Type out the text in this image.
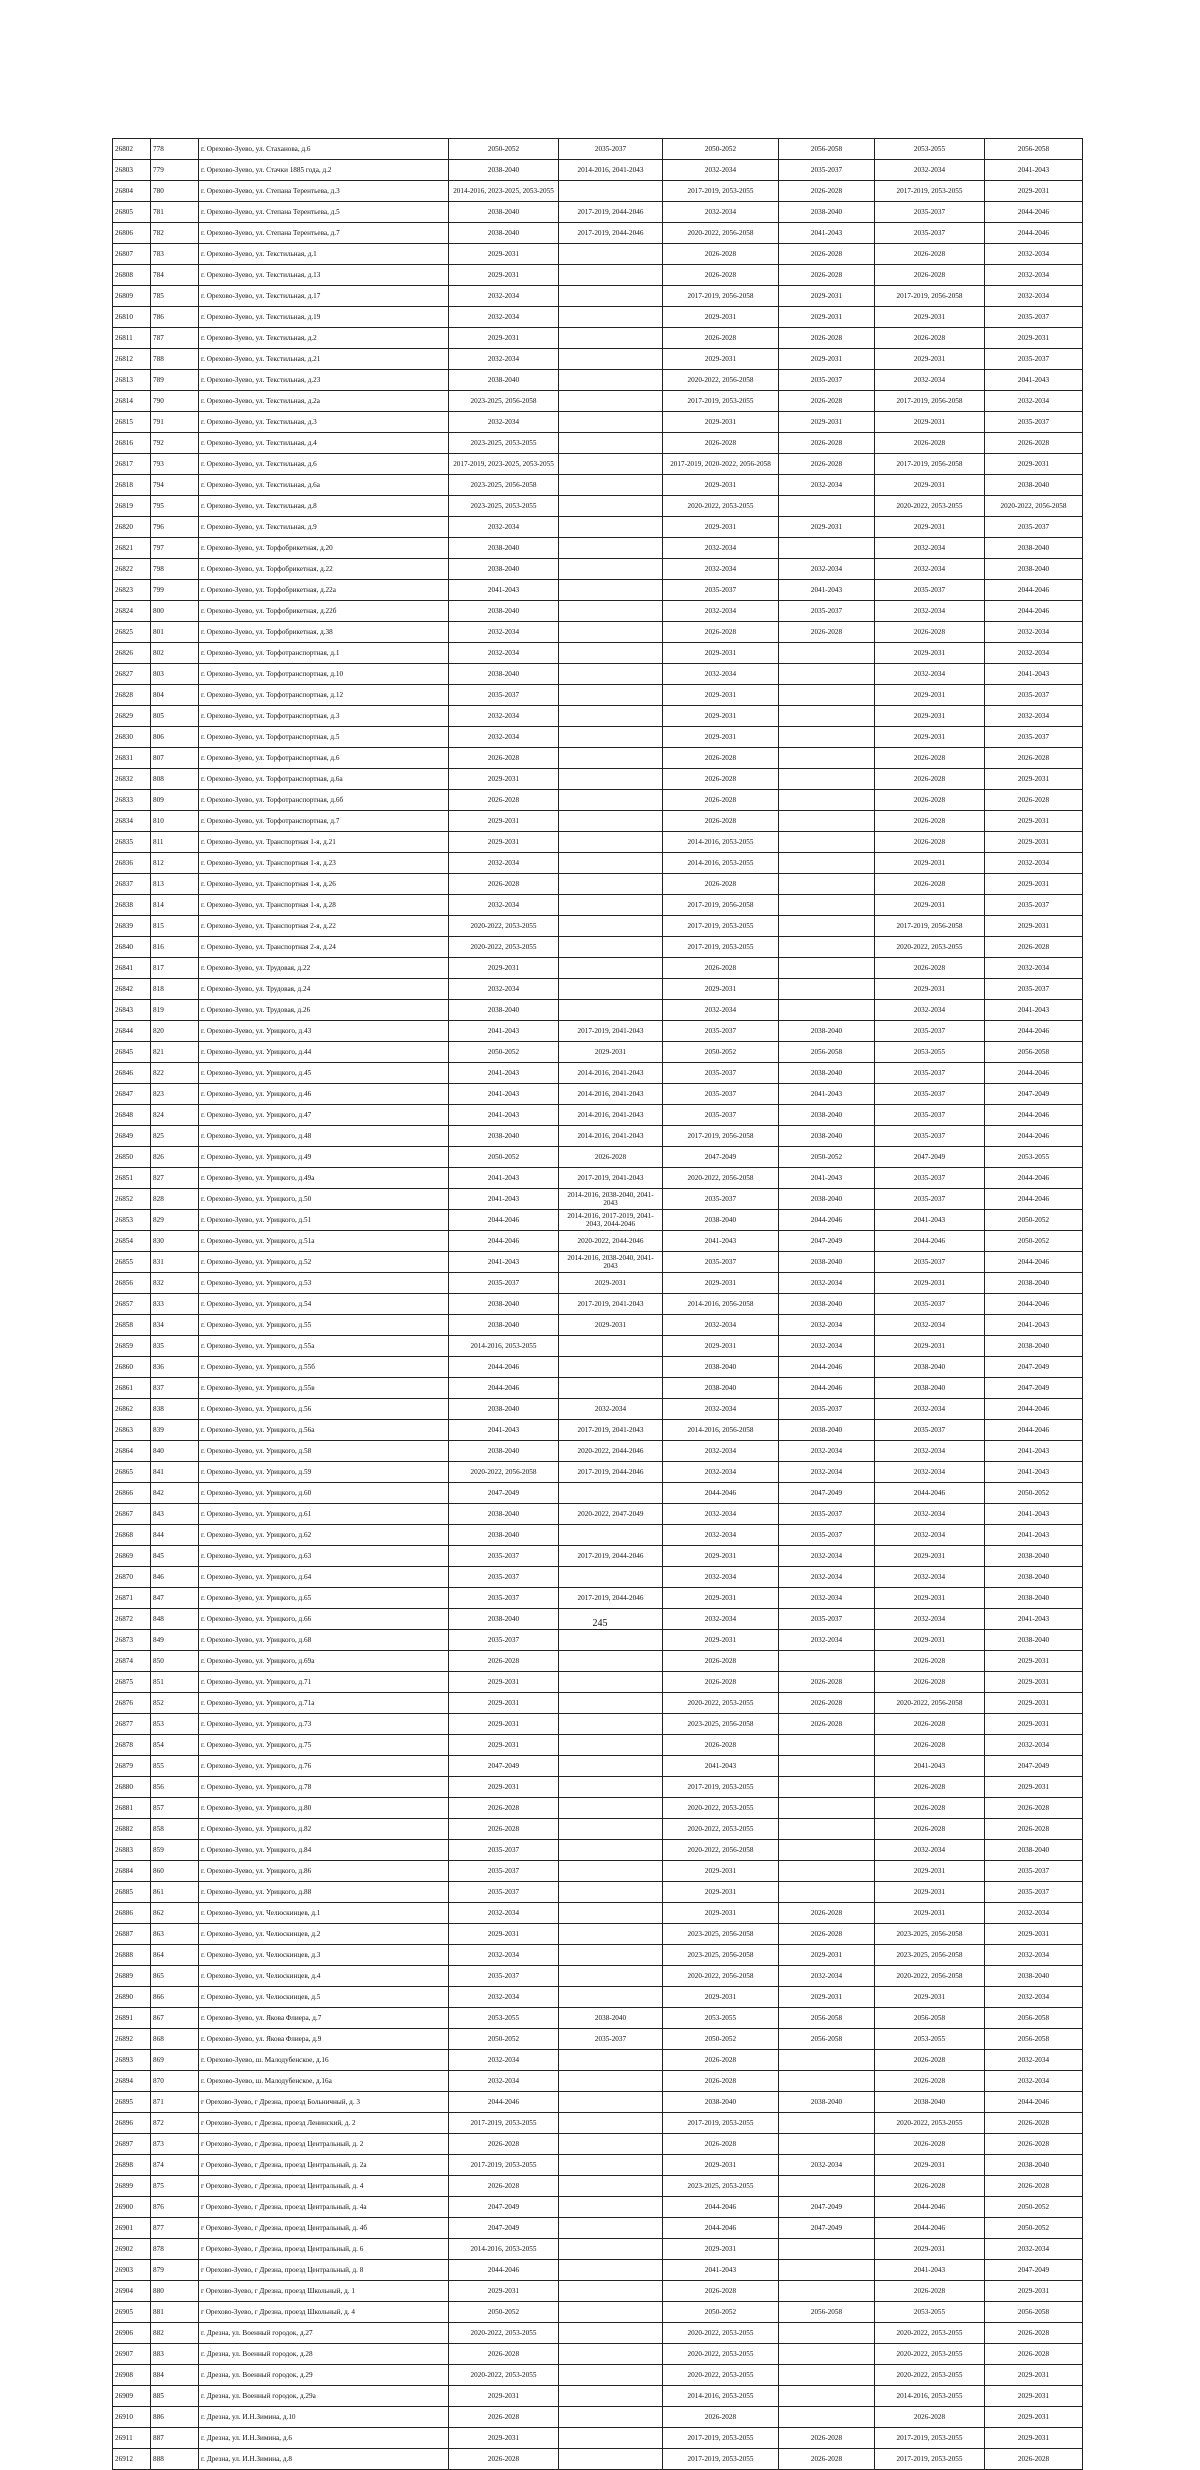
26802	778	г. Орехово-Зуево, ул. Стаханова, д.6	2050-2052	2035-2037	2050-2052	2056-2058	2053-2055	2056-2058
26803	779	г. Орехово-Зуево, ул. Стачки 1885 года, д.2	2038-2040	2014-2016, 2041-2043	2032-2034	2035-2037	2032-2034	2041-2043
26804	780	г. Орехово-Зуево, ул. Степана Терентьева, д.3	2014-2016, 2023-2025, 2053-2055		2017-2019, 2053-2055	2026-2028	2017-2019, 2053-2055	2029-2031
26805	781	г. Орехово-Зуево, ул. Степана Терентьева, д.5	2038-2040	2017-2019, 2044-2046	2032-2034	2038-2040	2035-2037	2044-2046
26806	782	г. Орехово-Зуево, ул. Степана Терентьева, д.7	2038-2040	2017-2019, 2044-2046	2020-2022, 2056-2058	2041-2043	2035-2037	2044-2046
26807	783	г. Орехово-Зуево, ул. Текстильная, д.1	2029-2031		2026-2028	2026-2028	2026-2028	2032-2034
26808	784	г. Орехово-Зуево, ул. Текстильная, д.13	2029-2031		2026-2028	2026-2028	2026-2028	2032-2034
26809	785	г. Орехово-Зуево, ул. Текстильная, д.17	2032-2034		2017-2019, 2056-2058	2029-2031	2017-2019, 2056-2058	2032-2034
26810	786	г. Орехово-Зуево, ул. Текстильная, д.19	2032-2034		2029-2031	2029-2031	2029-2031	2035-2037
26811	787	г. Орехово-Зуево, ул. Текстильная, д.2	2029-2031		2026-2028	2026-2028	2026-2028	2029-2031
26812	788	г. Орехово-Зуево, ул. Текстильная, д.21	2032-2034		2029-2031	2029-2031	2029-2031	2035-2037
26813	789	г. Орехово-Зуево, ул. Текстильная, д.23	2038-2040		2020-2022, 2056-2058	2035-2037	2032-2034	2041-2043
26814	790	г. Орехово-Зуево, ул. Текстильная, д.2а	2023-2025, 2056-2058		2017-2019, 2053-2055	2026-2028	2017-2019, 2056-2058	2032-2034
26815	791	г. Орехово-Зуево, ул. Текстильная, д.3	2032-2034		2029-2031	2029-2031	2029-2031	2035-2037
26816	792	г. Орехово-Зуево, ул. Текстильная, д.4	2023-2025, 2053-2055		2026-2028	2026-2028	2026-2028	2026-2028
26817	793	г. Орехово-Зуево, ул. Текстильная, д.6	2017-2019, 2023-2025, 2053-2055		2017-2019, 2020-2022, 2056-2058	2026-2028	2017-2019, 2056-2058	2029-2031
26818	794	г. Орехово-Зуево, ул. Текстильная, д.6а	2023-2025, 2056-2058		2029-2031	2032-2034	2029-2031	2038-2040
26819	795	г. Орехово-Зуево, ул. Текстильная, д.8	2023-2025, 2053-2055		2020-2022, 2053-2055		2020-2022, 2053-2055	2020-2022, 2056-2058
26820	796	г. Орехово-Зуево, ул. Текстильная, д.9	2032-2034		2029-2031	2029-2031	2029-2031	2035-2037
26821	797	г. Орехово-Зуево, ул. Торфобрикетная, д.20	2038-2040		2032-2034		2032-2034	2038-2040
26822	798	г. Орехово-Зуево, ул. Торфобрикетная, д.22	2038-2040		2032-2034	2032-2034	2032-2034	2038-2040
26823	799	г. Орехово-Зуево, ул. Торфобрикетная, д.22а	2041-2043		2035-2037	2041-2043	2035-2037	2044-2046
26824	800	г. Орехово-Зуево, ул. Торфобрикетная, д.22б	2038-2040		2032-2034	2035-2037	2032-2034	2044-2046
26825	801	г. Орехово-Зуево, ул. Торфобрикетная, д.38	2032-2034		2026-2028	2026-2028	2026-2028	2032-2034
26826	802	г. Орехово-Зуево, ул. Торфотранспортная, д.1	2032-2034		2029-2031		2029-2031	2032-2034
26827	803	г. Орехово-Зуево, ул. Торфотранспортная, д.10	2038-2040		2032-2034		2032-2034	2041-2043
26828	804	г. Орехово-Зуево, ул. Торфотранспортная, д.12	2035-2037		2029-2031		2029-2031	2035-2037
26829	805	г. Орехово-Зуево, ул. Торфотранспортная, д.3	2032-2034		2029-2031		2029-2031	2032-2034
26830	806	г. Орехово-Зуево, ул. Торфотранспортная, д.5	2032-2034		2029-2031		2029-2031	2035-2037
26831	807	г. Орехово-Зуево, ул. Торфотранспортная, д.6	2026-2028		2026-2028		2026-2028	2026-2028
26832	808	г. Орехово-Зуево, ул. Торфотранспортная, д.6а	2029-2031		2026-2028		2026-2028	2029-2031
26833	809	г. Орехово-Зуево, ул. Торфотранспортная, д.6б	2026-2028		2026-2028		2026-2028	2026-2028
26834	810	г. Орехово-Зуево, ул. Торфотранспортная, д.7	2029-2031		2026-2028		2026-2028	2029-2031
26835	811	г. Орехово-Зуево, ул. Транспортная 1-я, д.21	2029-2031		2014-2016, 2053-2055		2026-2028	2029-2031
26836	812	г. Орехово-Зуево, ул. Транспортная 1-я, д.23	2032-2034		2014-2016, 2053-2055		2029-2031	2032-2034
26837	813	г. Орехово-Зуево, ул. Транспортная 1-я, д.26	2026-2028		2026-2028		2026-2028	2029-2031
26838	814	г. Орехово-Зуево, ул. Транспортная 1-я, д.28	2032-2034		2017-2019, 2056-2058		2029-2031	2035-2037
26839	815	г. Орехово-Зуево, ул. Транспортная 2-я, д.22	2020-2022, 2053-2055		2017-2019, 2053-2055		2017-2019, 2056-2058	2029-2031
26840	816	г. Орехово-Зуево, ул. Транспортная 2-я, д.24	2020-2022, 2053-2055		2017-2019, 2053-2055		2020-2022, 2053-2055	2026-2028
26841	817	г. Орехово-Зуево, ул. Трудовая, д.22	2029-2031		2026-2028		2026-2028	2032-2034
26842	818	г. Орехово-Зуево, ул. Трудовая, д.24	2032-2034		2029-2031		2029-2031	2035-2037
26843	819	г. Орехово-Зуево, ул. Трудовая, д.26	2038-2040		2032-2034		2032-2034	2041-2043
26844	820	г. Орехово-Зуево, ул. Урицкого, д.43	2041-2043	2017-2019, 2041-2043	2035-2037	2038-2040	2035-2037	2044-2046
26845	821	г. Орехово-Зуево, ул. Урицкого, д.44	2050-2052	2029-2031	2050-2052	2056-2058	2053-2055	2056-2058
26846	822	г. Орехово-Зуево, ул. Урицкого, д.45	2041-2043	2014-2016, 2041-2043	2035-2037	2038-2040	2035-2037	2044-2046
26847	823	г. Орехово-Зуево, ул. Урицкого, д.46	2041-2043	2014-2016, 2041-2043	2035-2037	2041-2043	2035-2037	2047-2049
26848	824	г. Орехово-Зуево, ул. Урицкого, д.47	2041-2043	2014-2016, 2041-2043	2035-2037	2038-2040	2035-2037	2044-2046
26849	825	г. Орехово-Зуево, ул. Урицкого, д.48	2038-2040	2014-2016, 2041-2043	2017-2019, 2056-2058	2038-2040	2035-2037	2044-2046
26850	826	г. Орехово-Зуево, ул. Урицкого, д.49	2050-2052	2026-2028	2047-2049	2050-2052	2047-2049	2053-2055
26851	827	г. Орехово-Зуево, ул. Урицкого, д.49а	2041-2043	2017-2019, 2041-2043	2020-2022, 2056-2058	2041-2043	2035-2037	2044-2046
26852	828	г. Орехово-Зуево, ул. Урицкого, д.50	2041-2043	2014-2016, 2038-2040, 2041-2043	2035-2037	2038-2040	2035-2037	2044-2046
26853	829	г. Орехово-Зуево, ул. Урицкого, д.51	2044-2046	2014-2016, 2017-2019, 2041-2043, 2044-2046	2038-2040	2044-2046	2041-2043	2050-2052
26854	830	г. Орехово-Зуево, ул. Урицкого, д.51а	2044-2046	2020-2022, 2044-2046	2041-2043	2047-2049	2044-2046	2050-2052
26855	831	г. Орехово-Зуево, ул. Урицкого, д.52	2041-2043	2014-2016, 2038-2040, 2041-2043	2035-2037	2038-2040	2035-2037	2044-2046
26856	832	г. Орехово-Зуево, ул. Урицкого, д.53	2035-2037	2029-2031	2029-2031	2032-2034	2029-2031	2038-2040
26857	833	г. Орехово-Зуево, ул. Урицкого, д.54	2038-2040	2017-2019, 2041-2043	2014-2016, 2056-2058	2038-2040	2035-2037	2044-2046
26858	834	г. Орехово-Зуево, ул. Урицкого, д.55	2038-2040	2029-2031	2032-2034	2032-2034	2032-2034	2041-2043
26859	835	г. Орехово-Зуево, ул. Урицкого, д.55а	2014-2016, 2053-2055		2029-2031	2032-2034	2029-2031	2038-2040
26860	836	г. Орехово-Зуево, ул. Урицкого, д.55б	2044-2046		2038-2040	2044-2046	2038-2040	2047-2049
26861	837	г. Орехово-Зуево, ул. Урицкого, д.55в	2044-2046		2038-2040	2044-2046	2038-2040	2047-2049
26862	838	г. Орехово-Зуево, ул. Урицкого, д.56	2038-2040	2032-2034	2032-2034	2035-2037	2032-2034	2044-2046
26863	839	г. Орехово-Зуево, ул. Урицкого, д.56а	2041-2043	2017-2019, 2041-2043	2014-2016, 2056-2058	2038-2040	2035-2037	2044-2046
26864	840	г. Орехово-Зуево, ул. Урицкого, д.58	2038-2040	2020-2022, 2044-2046	2032-2034	2032-2034	2032-2034	2041-2043
26865	841	г. Орехово-Зуево, ул. Урицкого, д.59	2020-2022, 2056-2058	2017-2019, 2044-2046	2032-2034	2032-2034	2032-2034	2041-2043
26866	842	г. Орехово-Зуево, ул. Урицкого, д.60	2047-2049		2044-2046	2047-2049	2044-2046	2050-2052
26867	843	г. Орехово-Зуево, ул. Урицкого, д.61	2038-2040	2020-2022, 2047-2049	2032-2034	2035-2037	2032-2034	2041-2043
26868	844	г. Орехово-Зуево, ул. Урицкого, д.62	2038-2040		2032-2034	2035-2037	2032-2034	2041-2043
26869	845	г. Орехово-Зуево, ул. Урицкого, д.63	2035-2037	2017-2019, 2044-2046	2029-2031	2032-2034	2029-2031	2038-2040
26870	846	г. Орехово-Зуево, ул. Урицкого, д.64	2035-2037		2032-2034	2032-2034	2032-2034	2038-2040
26871	847	г. Орехово-Зуево, ул. Урицкого, д.65	2035-2037	2017-2019, 2044-2046	2029-2031	2032-2034	2029-2031	2038-2040
26872	848	г. Орехово-Зуево, ул. Урицкого, д.66	2038-2040		2032-2034	2035-2037	2032-2034	2041-2043
26873	849	г. Орехово-Зуево, ул. Урицкого, д.68	2035-2037		2029-2031	2032-2034	2029-2031	2038-2040
26874	850	г. Орехово-Зуево, ул. Урицкого, д.69а	2026-2028		2026-2028		2026-2028	2029-2031
26875	851	г. Орехово-Зуево, ул. Урицкого, д.71	2029-2031		2026-2028	2026-2028	2026-2028	2029-2031
26876	852	г. Орехово-Зуево, ул. Урицкого, д.71а	2029-2031		2020-2022, 2053-2055	2026-2028	2020-2022, 2056-2058	2029-2031
26877	853	г. Орехово-Зуево, ул. Урицкого, д.73	2029-2031		2023-2025, 2056-2058	2026-2028	2026-2028	2029-2031
26878	854	г. Орехово-Зуево, ул. Урицкого, д.75	2029-2031		2026-2028		2026-2028	2032-2034
26879	855	г. Орехово-Зуево, ул. Урицкого, д.76	2047-2049		2041-2043		2041-2043	2047-2049
26880	856	г. Орехово-Зуево, ул. Урицкого, д.78	2029-2031		2017-2019, 2053-2055		2026-2028	2029-2031
26881	857	г. Орехово-Зуево, ул. Урицкого, д.80	2026-2028		2020-2022, 2053-2055		2026-2028	2026-2028
26882	858	г. Орехово-Зуево, ул. Урицкого, д.82	2026-2028		2020-2022, 2053-2055		2026-2028	2026-2028
26883	859	г. Орехово-Зуево, ул. Урицкого, д.84	2035-2037		2020-2022, 2056-2058		2032-2034	2038-2040
26884	860	г. Орехово-Зуево, ул. Урицкого, д.86	2035-2037		2029-2031		2029-2031	2035-2037
26885	861	г. Орехово-Зуево, ул. Урицкого, д.88	2035-2037		2029-2031		2029-2031	2035-2037
26886	862	г. Орехово-Зуево, ул. Челюскинцев, д.1	2032-2034		2029-2031	2026-2028	2029-2031	2032-2034
26887	863	г. Орехово-Зуево, ул. Челюскинцев, д.2	2029-2031		2023-2025, 2056-2058	2026-2028	2023-2025, 2056-2058	2029-2031
26888	864	г. Орехово-Зуево, ул. Челюскинцев, д.3	2032-2034		2023-2025, 2056-2058	2029-2031	2023-2025, 2056-2058	2032-2034
26889	865	г. Орехово-Зуево, ул. Челюскинцев, д.4	2035-2037		2020-2022, 2056-2058	2032-2034	2020-2022, 2056-2058	2038-2040
26890	866	г. Орехово-Зуево, ул. Челюскинцев, д.5	2032-2034		2029-2031	2029-2031	2029-2031	2032-2034
26891	867	г. Орехово-Зуево, ул. Якова Флиера, д.7	2053-2055	2038-2040	2053-2055	2056-2058	2056-2058	2056-2058
26892	868	г. Орехово-Зуево, ул. Якова Флиера, д.9	2050-2052	2035-2037	2050-2052	2056-2058	2053-2055	2056-2058
26893	869	г. Орехово-Зуево, ш. Малодубенское, д.16	2032-2034		2026-2028		2026-2028	2032-2034
26894	870	г. Орехово-Зуево, ш. Малодубенское, д.16а	2032-2034		2026-2028		2026-2028	2032-2034
26895	871	г Орехово-Зуево, г Дрезна, проезд Больничный, д. 3	2044-2046		2038-2040	2038-2040	2038-2040	2044-2046
26896	872	г Орехово-Зуево, г Дрезна, проезд Ленинский, д. 2	2017-2019, 2053-2055		2017-2019, 2053-2055		2020-2022, 2053-2055	2026-2028
26897	873	г Орехово-Зуево, г Дрезна, проезд Центральный, д. 2	2026-2028		2026-2028		2026-2028	2026-2028
26898	874	г Орехово-Зуево, г Дрезна, проезд Центральный, д. 2а	2017-2019, 2053-2055		2029-2031	2032-2034	2029-2031	2038-2040
26899	875	г Орехово-Зуево, г Дрезна, проезд Центральный, д. 4	2026-2028		2023-2025, 2053-2055		2026-2028	2026-2028
26900	876	г Орехово-Зуево, г Дрезна, проезд Центральный, д. 4а	2047-2049		2044-2046	2047-2049	2044-2046	2050-2052
26901	877	г Орехово-Зуево, г Дрезна, проезд Центральный, д. 4б	2047-2049		2044-2046	2047-2049	2044-2046	2050-2052
26902	878	г Орехово-Зуево, г Дрезна, проезд Центральный, д. 6	2014-2016, 2053-2055		2029-2031		2029-2031	2032-2034
26903	879	г Орехово-Зуево, г Дрезна, проезд Центральный, д. 8	2044-2046		2041-2043		2041-2043	2047-2049
26904	880	г Орехово-Зуево, г Дрезна, проезд Школьный, д. 1	2029-2031		2026-2028		2026-2028	2029-2031
26905	881	г Орехово-Зуево, г Дрезна, проезд Школьный, д. 4	2050-2052		2050-2052	2056-2058	2053-2055	2056-2058
26906	882	г. Дрезна, ул. Военный городок, д.27	2020-2022, 2053-2055		2020-2022, 2053-2055		2020-2022, 2053-2055	2026-2028
26907	883	г. Дрезна, ул. Военный городок, д.28	2026-2028		2020-2022, 2053-2055		2020-2022, 2053-2055	2026-2028
26908	884	г. Дрезна, ул. Военный городок, д.29	2020-2022, 2053-2055		2020-2022, 2053-2055		2020-2022, 2053-2055	2029-2031
26909	885	г. Дрезна, ул. Военный городок, д.29а	2029-2031		2014-2016, 2053-2055		2014-2016, 2053-2055	2029-2031
26910	886	г. Дрезна, ул. И.Н.Зимина, д.10	2026-2028		2026-2028		2026-2028	2029-2031
26911	887	г. Дрезна, ул. И.Н.Зимина, д.6	2029-2031		2017-2019, 2053-2055	2026-2028	2017-2019, 2053-2055	2029-2031
26912	888	г. Дрезна, ул. И.Н.Зимина, д.8	2026-2028		2017-2019, 2053-2055	2026-2028	2017-2019, 2053-2055	2026-2028
245
